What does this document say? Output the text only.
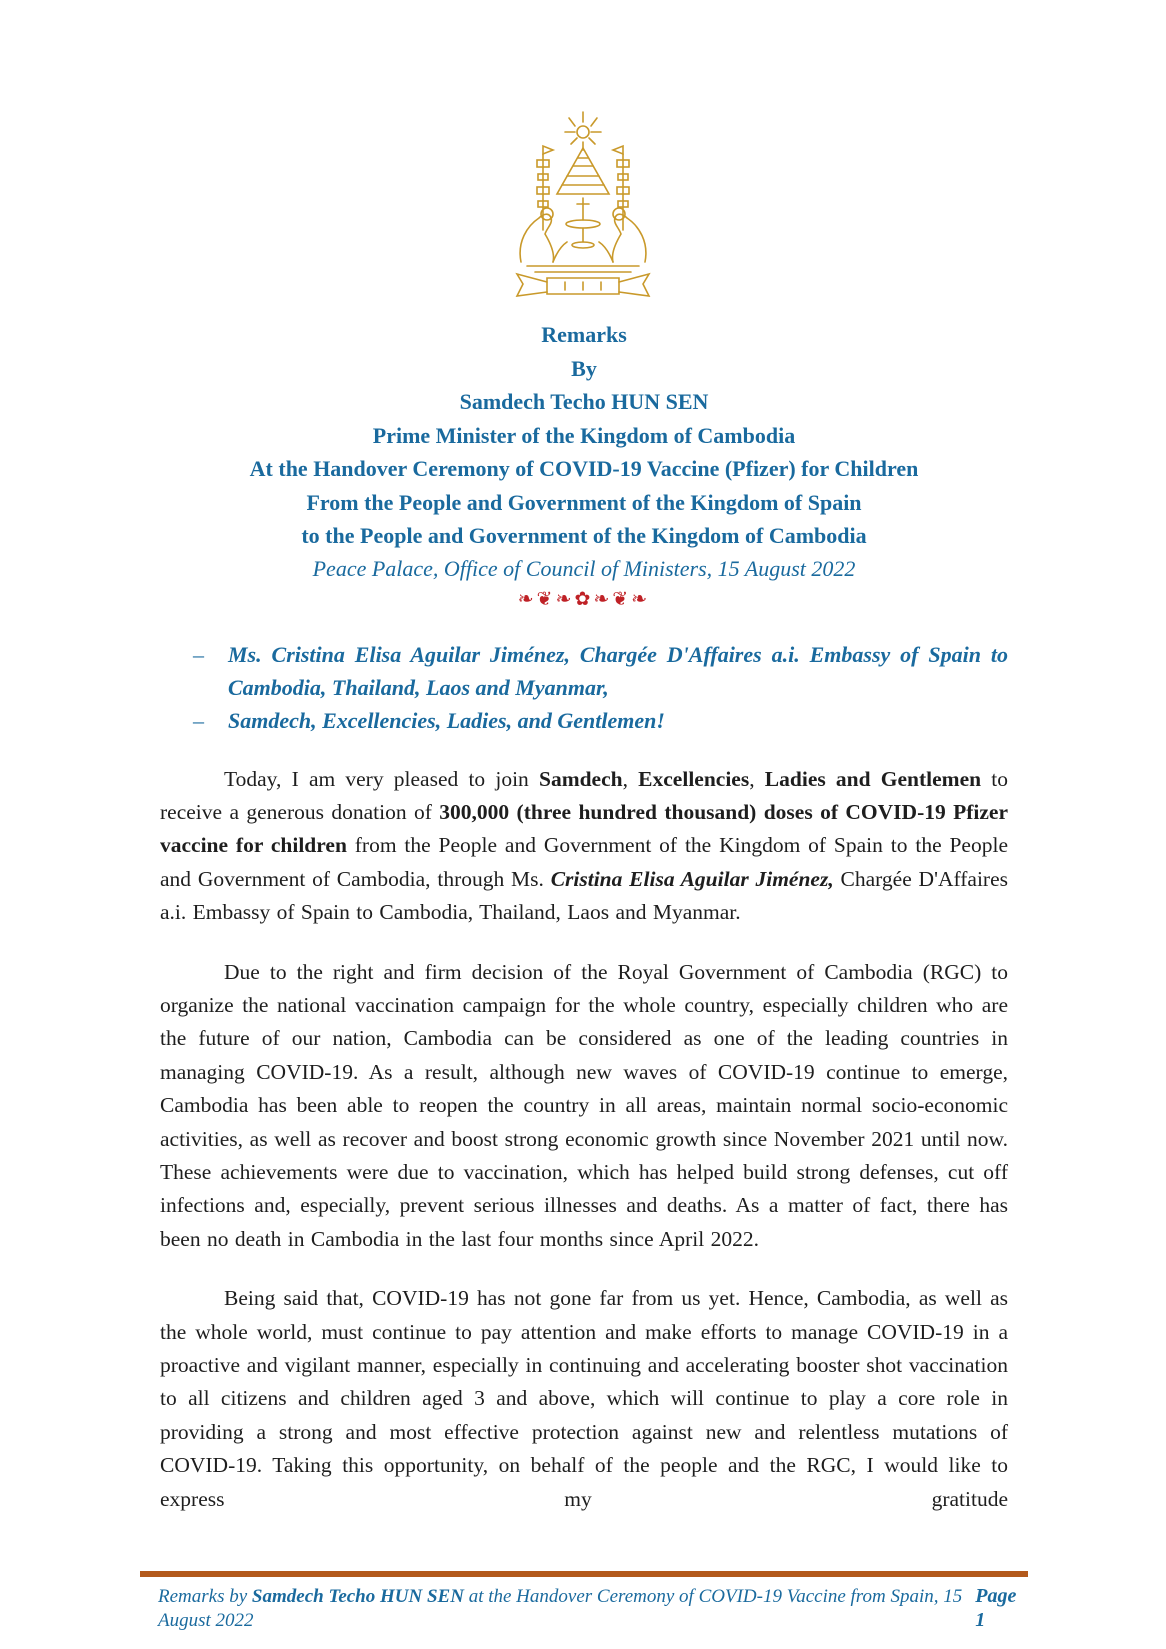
Remarks
By
Samdech Techo HUN SEN
Prime Minister of the Kingdom of Cambodia
At the Handover Ceremony of COVID-19 Vaccine (Pfizer) for Children
From the People and Government of the Kingdom of Spain
to the People and Government of the Kingdom of Cambodia
Peace Palace, Office of Council of Ministers, 15 August 2022
❧❦❧✿❧❦❧
–	Ms. Cristina Elisa Aguilar Jiménez, Chargée D'Affaires a.i. Embassy of Spain to Cambodia, Thailand, Laos and Myanmar,
–	Samdech, Excellencies, Ladies, and Gentlemen!
Today, I am very pleased to join Samdech, Excellencies, Ladies and Gentlemen to receive a generous donation of 300,000 (three hundred thousand) doses of COVID-19 Pfizer vaccine for children from the People and Government of the Kingdom of Spain to the People and Government of Cambodia, through Ms. Cristina Elisa Aguilar Jiménez, Chargée D'Affaires a.i. Embassy of Spain to Cambodia, Thailand, Laos and Myanmar.
Due to the right and firm decision of the Royal Government of Cambodia (RGC) to organize the national vaccination campaign for the whole country, especially children who are the future of our nation, Cambodia can be considered as one of the leading countries in managing COVID-19. As a result, although new waves of COVID-19 continue to emerge, Cambodia has been able to reopen the country in all areas, maintain normal socio-economic activities, as well as recover and boost strong economic growth since November 2021 until now. These achievements were due to vaccination, which has helped build strong defenses, cut off infections and, especially, prevent serious illnesses and deaths. As a matter of fact, there has been no death in Cambodia in the last four months since April 2022.
Being said that, COVID-19 has not gone far from us yet. Hence, Cambodia, as well as the whole world, must continue to pay attention and make efforts to manage COVID-19 in a proactive and vigilant manner, especially in continuing and accelerating booster shot vaccination to all citizens and children aged 3 and above, which will continue to play a core role in providing a strong and most effective protection against new and relentless mutations of COVID-19. Taking this opportunity, on behalf of the people and the RGC, I would like to express my gratitude
Remarks by Samdech Techo HUN SEN at the Handover Ceremony of COVID-19 Vaccine from Spain, 15 August 2022
Page 1
